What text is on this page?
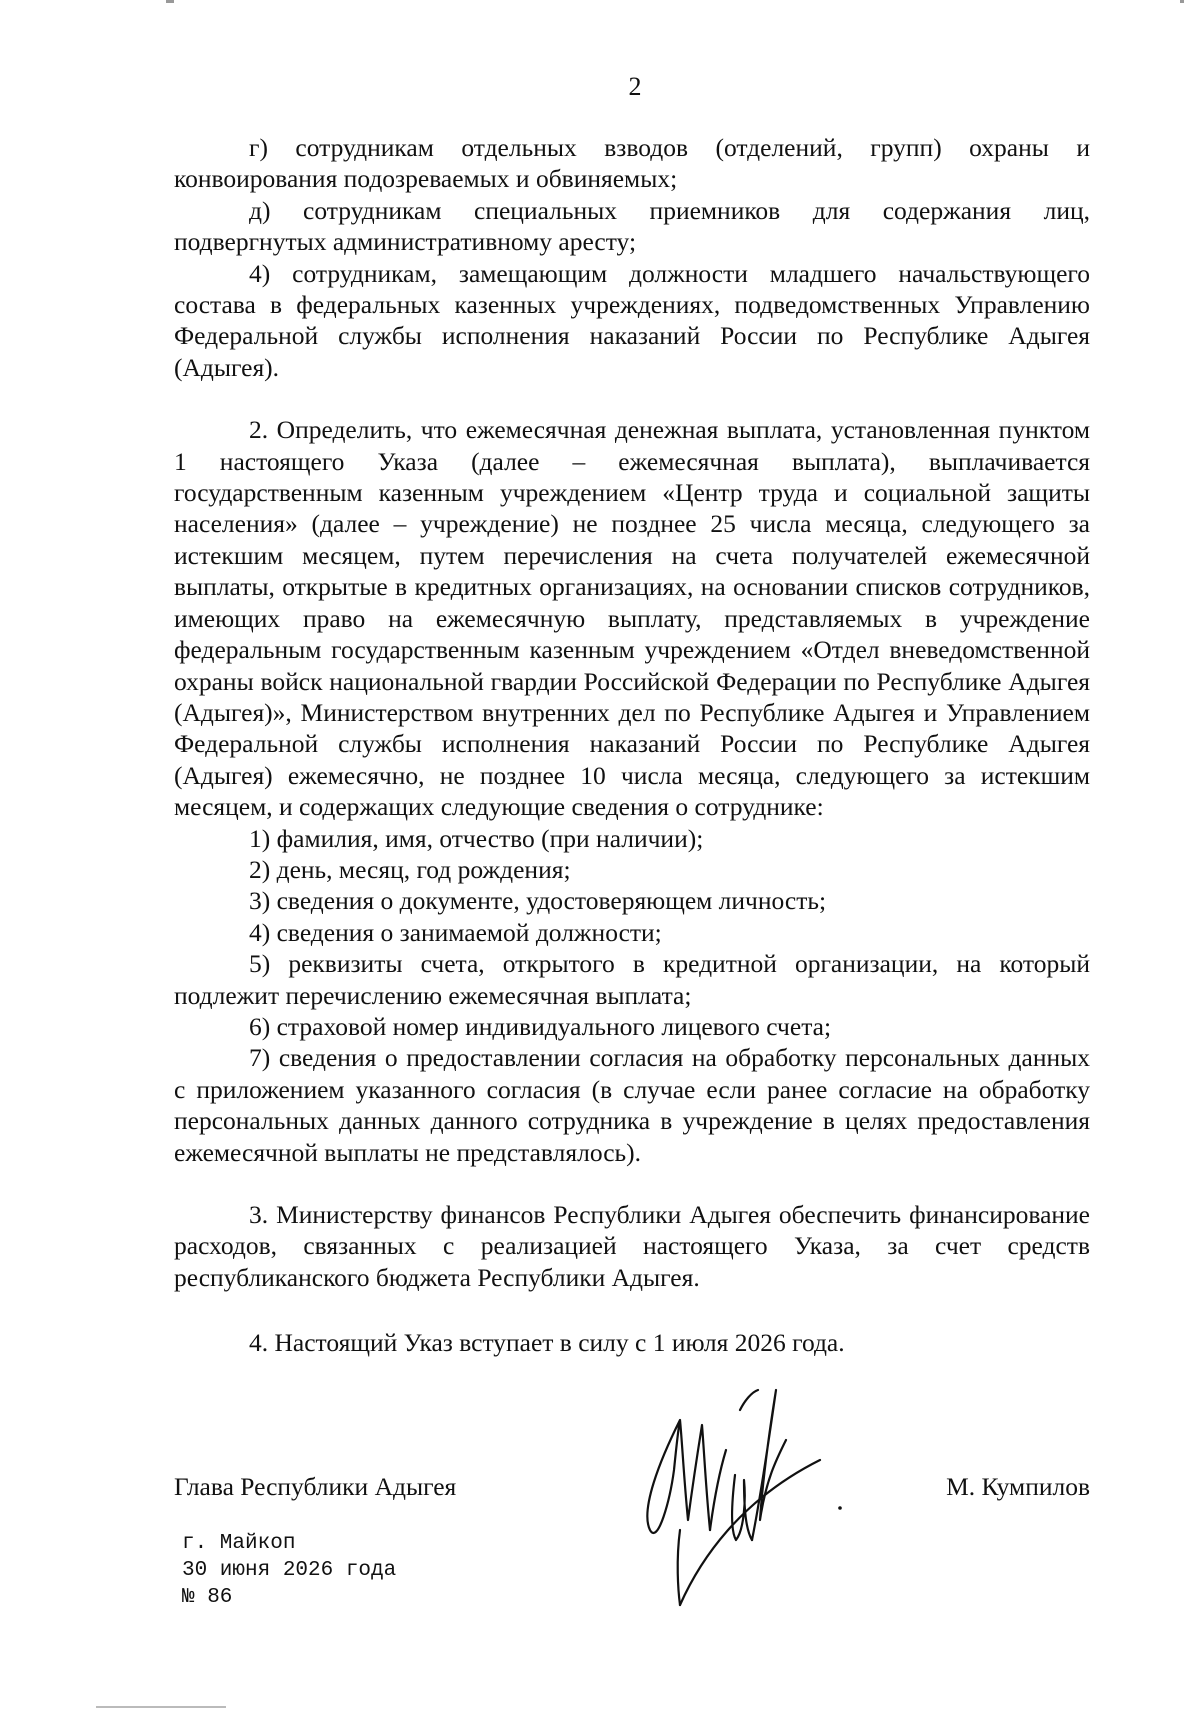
2

г) сотрудникам отдельных взводов (отделений, групп) охраны и конвоирования подозреваемых и обвиняемых;

д) сотрудникам специальных приемников для содержания лиц, подвергнутых административному аресту;

4) сотрудникам, замещающим должности младшего начальствующего состава в федеральных казенных учреждениях, подведомственных Управлению Федеральной службы исполнения наказаний России по Республике Адыгея (Адыгея).

2. Определить, что ежемесячная денежная выплата, установленная пунктом 1 настоящего Указа (далее – ежемесячная выплата), выплачивается государственным казенным учреждением «Центр труда и социальной защиты населения» (далее – учреждение) не позднее 25 числа месяца, следующего за истекшим месяцем, путем перечисления на счета получателей ежемесячной выплаты, открытые в кредитных организациях, на основании списков сотрудников, имеющих право на ежемесячную выплату, представляемых в учреждение федеральным государственным казенным учреждением «Отдел вневедомственной охраны войск национальной гвардии Российской Федерации по Республике Адыгея (Адыгея)», Министерством внутренних дел по Республике Адыгея и Управлением Федеральной службы исполнения наказаний России по Республике Адыгея (Адыгея) ежемесячно, не позднее 10 числа месяца, следующего за истекшим месяцем, и содержащих следующие сведения о сотруднике:

1) фамилия, имя, отчество (при наличии);

2) день, месяц, год рождения;

3) сведения о документе, удостоверяющем личность;

4) сведения о занимаемой должности;

5) реквизиты счета, открытого в кредитной организации, на который подлежит перечислению ежемесячная выплата;

6) страховой номер индивидуального лицевого счета;

7) сведения о предоставлении согласия на обработку персональных данных с приложением указанного согласия (в случае если ранее согласие на обработку персональных данных данного сотрудника в учреждение в целях предоставления ежемесячной выплаты не представлялось).

3. Министерству финансов Республики Адыгея обеспечить финансирование расходов, связанных с реализацией настоящего Указа, за счет средств республиканского бюджета Республики Адыгея.

4. Настоящий Указ вступает в силу с 1 июля 2026 года.

Глава Республики Адыгея	М. Кумпилов
г. Майкоп
30 июня 2026 года
№ 86
